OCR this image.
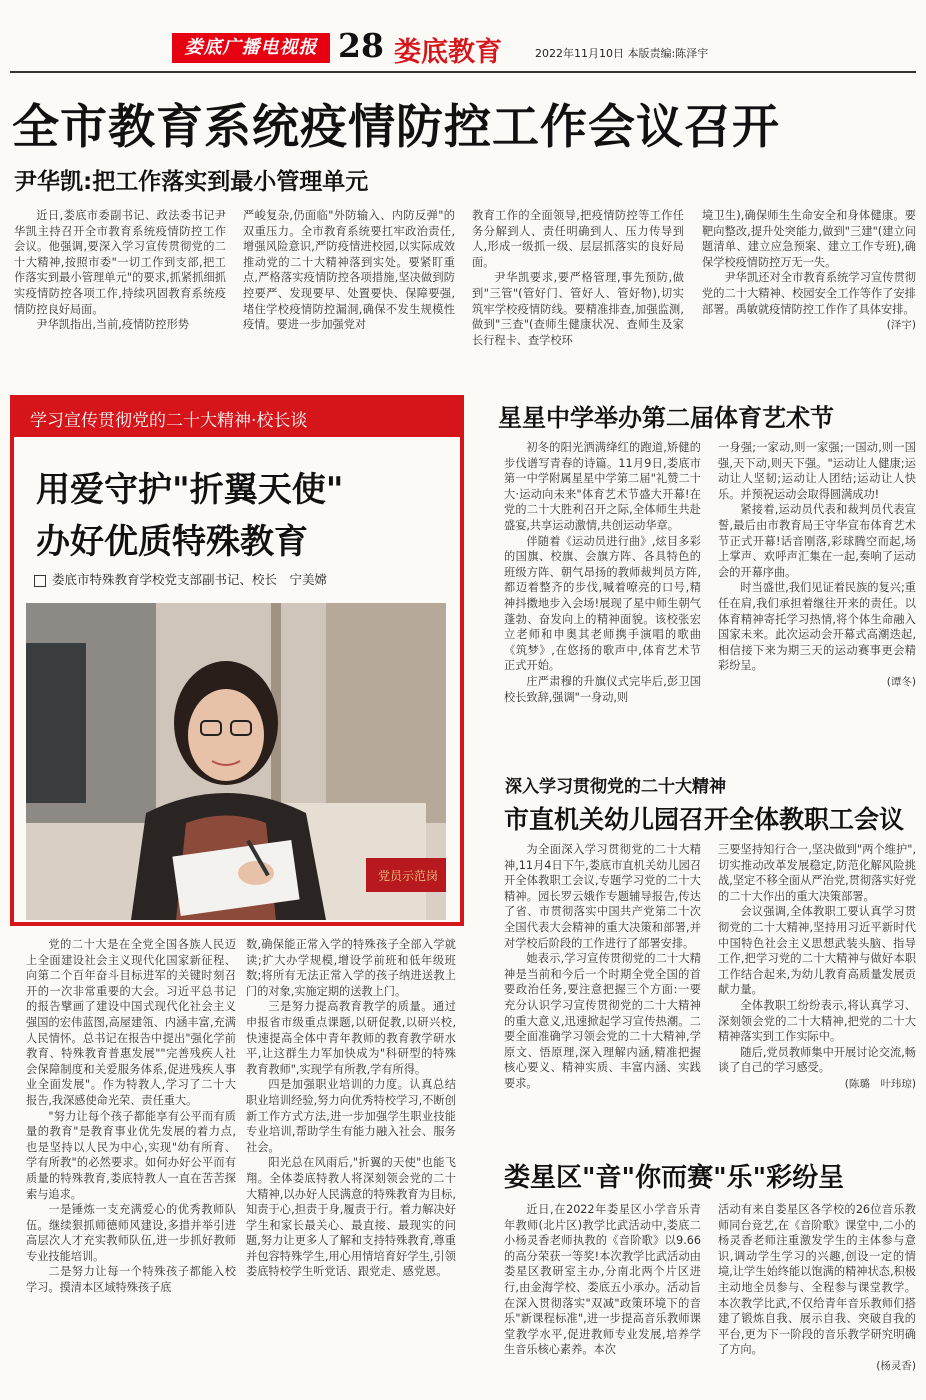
娄底广播电视报 28 娄底教育	2022年11月10日 本版责编:陈泽宇
全市教育系统疫情防控工作会议召开
尹华凯:把工作落实到最小管理单元

近日,娄底市委副书记、政法委书记尹华凯主持召开全市教育系统疫情防控工作会议。他强调,要深入学习宣传贯彻党的二十大精神,按照市委"一切工作到支部,把工作落实到最小管理单元"的要求,抓紧抓细抓实疫情防控各项工作,持续巩固教育系统疫情防控良好局面。

尹华凯指出,当前,疫情防控形势

严峻复杂,仍面临"外防输入、内防反弹"的双重压力。全市教育系统要扛牢政治责任,增强风险意识,严防疫情进校园,以实际成效推动党的二十大精神落到实处。要紧盯重点,严格落实疫情防控各项措施,坚决做到防控要严、发现要早、处置要快、保障要强,堵住学校疫情防控漏洞,确保不发生规模性疫情。要进一步加强党对

教育工作的全面领导,把疫情防控等工作任务分解到人、责任明确到人、压力传导到人,形成一级抓一级、层层抓落实的良好局面。

尹华凯要求,要严格管理,事先预防,做到"三管"(管好门、管好人、管好物),切实筑牢学校疫情防线。要精准排查,加强监测,做到"三查"(查师生健康状况、查师生及家长行程卡、查学校环

境卫生),确保师生生命安全和身体健康。要靶向整改,提升处突能力,做到"三建"(建立问题清单、建立应急预案、建立工作专班),确保学校疫情防控万无一失。

尹华凯还对全市教育系统学习宣传贯彻党的二十大精神、校园安全工作等作了安排部署。禹敏就疫情防控工作作了具体安排。

(泽宇)
学习宣传贯彻党的二十大精神·校长谈
用爱守护"折翼天使"
办好优质特殊教育
娄底市特殊教育学校党支部副书记、校长　宁美嫦
党员示范岗

党的二十大是在全党全国各族人民迈上全面建设社会主义现代化国家新征程、向第二个百年奋斗目标进军的关键时刻召开的一次非常重要的大会。习近平总书记的报告擘画了建设中国式现代化社会主义强国的宏伟蓝图,高屋建瓴、内涵丰富,充满人民情怀。总书记在报告中提出"强化学前教育、特殊教育普惠发展""完善残疾人社会保障制度和关爱服务体系,促进残疾人事业全面发展"。作为特教人,学习了二十大报告,我深感使命光荣、责任重大。

"努力让每个孩子都能享有公平而有质量的教育"是教育事业优先发展的着力点,也是坚持以人民为中心,实现"幼有所育、学有所教"的必然要求。如何办好公平而有质量的特殊教育,娄底特教人一直在苦苦探索与追求。

一是锤炼一支充满爱心的优秀教师队伍。继续狠抓师德师风建设,多措并举引进高层次人才充实教师队伍,进一步抓好教师专业技能培训。

二是努力让每一个特殊孩子都能入校学习。摸清本区域特殊孩子底

数,确保能正常入学的特殊孩子全部入学就读;扩大办学规模,增设学前班和低年级班数;将所有无法正常入学的孩子纳进送教上门的对象,实施定期的送教上门。

三是努力提高教育教学的质量。通过申报省市级重点课题,以研促教,以研兴校,快速提高全体中青年教师的教育教学研水平,让这群生力军加快成为"科研型的特殊教育教师",实现学有所教,学有所得。

四是加强职业培训的力度。认真总结职业培训经验,努力向优秀特校学习,不断创新工作方式方法,进一步加强学生职业技能专业培训,帮助学生有能力融入社会、服务社会。

阳光总在风雨后,"折翼的天使"也能飞翔。全体娄底特教人将深刻领会党的二十大精神,以办好人民满意的特殊教育为目标,知责于心,担责于身,履责于行。着力解决好学生和家长最关心、最直接、最现实的问题,努力让更多人了解和支持特殊教育,尊重并包容特殊学生,用心用情培育好学生,引领娄底特校学生听党话、跟党走、感党恩。

星星中学举办第二届体育艺术节

初冬的阳光洒满绛红的跑道,矫健的步伐谱写青春的诗篇。11月9日,娄底市第一中学附属星星中学第二届"礼赞二十大·运动向未来"体育艺术节盛大开幕!在党的二十大胜利召开之际,全体师生共赴盛宴,共享运动激情,共创运动华章。

伴随着《运动员进行曲》,炫目多彩的国旗、校旗、会旗方阵、各具特色的班级方阵、朝气昂扬的教师裁判员方阵,都迈着整齐的步伐,喊着嘹亮的口号,精神抖擞地步入会场!展现了星中师生朝气蓬勃、奋发向上的精神面貌。该校张宏立老师和申奥其老师携手演唱的歌曲《筑梦》,在悠扬的歌声中,体育艺术节正式开始。

庄严肃穆的升旗仪式完毕后,彭卫国校长致辞,强调"一身动,则

一身强;一家动,则一家强;一国动,则一国强,天下动,则天下强。"运动让人健康;运动让人坚韧;运动让人团结;运动让人快乐。并预祝运动会取得圆满成功!

紧接着,运动员代表和裁判员代表宣誓,最后由市教育局王守华宣布体育艺术节正式开幕!话音刚落,彩球腾空而起,场上掌声、欢呼声汇集在一起,奏响了运动会的开幕序曲。

时当盛世,我们见证着民族的复兴;重任在肩,我们承担着继往开来的责任。以体育精神寄托学习热情,将个体生命融入国家未来。此次运动会开幕式高潮迭起,相信接下来为期三天的运动赛事更会精彩纷呈。

(谭冬)
深入学习贯彻党的二十大精神
市直机关幼儿园召开全体教职工会议

为全面深入学习贯彻党的二十大精神,11月4日下午,娄底市直机关幼儿园召开全体教职工会议,专题学习党的二十大精神。园长罗云娥作专题辅导报告,传达了省、市贯彻落实中国共产党第二十次全国代表大会精神的重大决策和部署,并对学校后阶段的工作进行了部署安排。

她表示,学习宣传贯彻党的二十大精神是当前和今后一个时期全党全国的首要政治任务,要注意把握三个方面:一要充分认识学习宣传贯彻党的二十大精神的重大意义,迅速掀起学习宣传热潮。二要全面准确学习领会党的二十大精神,学原文、悟原理,深入理解内涵,精准把握核心要义、精神实质、丰富内涵、实践要求。

三要坚持知行合一,坚决做到"两个维护",切实推动改革发展稳定,防范化解风险挑战,坚定不移全面从严治党,贯彻落实好党的二十大作出的重大决策部署。

会议强调,全体教职工要认真学习贯彻党的二十大精神,坚持用习近平新时代中国特色社会主义思想武装头脑、指导工作,把学习党的二十大精神与做好本职工作结合起来,为幼儿教育高质量发展贡献力量。

全体教职工纷纷表示,将认真学习、深刻领会党的二十大精神,把党的二十大精神落实到工作实际中。

随后,党员教师集中开展讨论交流,畅谈了自己的学习感受。

(陈璐　叶玮琼)
娄星区"音"你而赛"乐"彩纷呈

近日,在2022年娄星区小学音乐青年教师(北片区)教学比武活动中,娄底二小杨灵香老师执教的《音阶歌》以9.66的高分荣获一等奖!本次教学比武活动由娄星区教研室主办,分南北两个片区进行,由金海学校、娄底五小承办。活动旨在深入贯彻落实"双减"政策环境下的音乐"新课程标准",进一步提高音乐教师课堂教学水平,促进教师专业发展,培养学生音乐核心素养。本次

活动有来自娄星区各学校的26位音乐教师同台竞艺,在《音阶歌》课堂中,二小的杨灵香老师注重激发学生的主体参与意识,调动学生学习的兴趣,创设一定的情境,让学生始终能以饱满的精神状态,积极主动地全员参与、全程参与课堂教学。本次教学比武,不仅给青年音乐教师们搭建了锻炼自我、展示自我、突破自我的平台,更为下一阶段的音乐教学研究明确了方向。

(杨灵香)
